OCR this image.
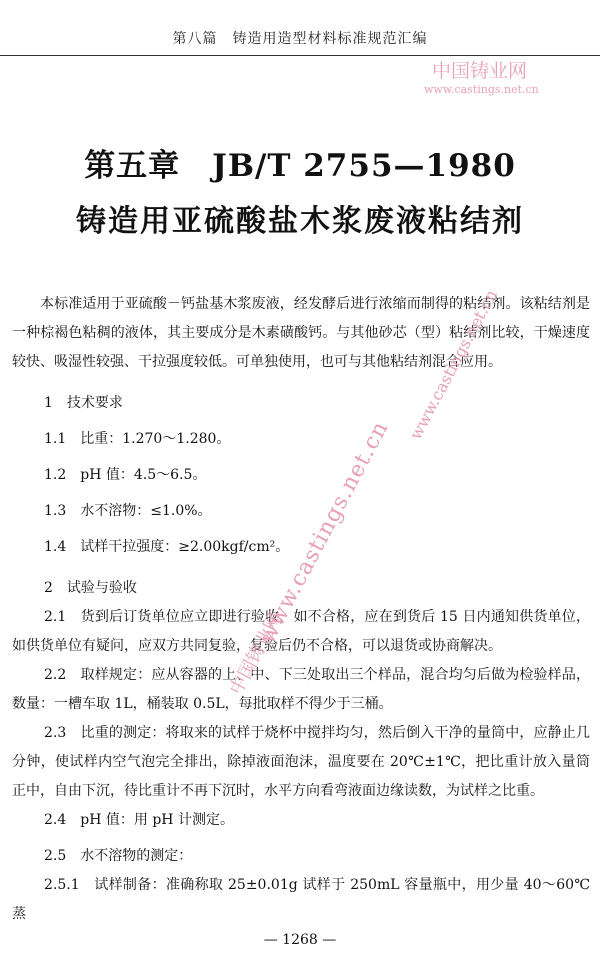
第八篇　铸造用造型材料标准规范汇编
中国铸业网
www.castings.net.cn
第五章　JB/T 2755—1980
铸造用亚硫酸盐木浆废液粘结剂

本标准适用于亚硫酸－钙盐基木浆废液，经发酵后进行浓缩而制得的粘结剂。该粘结剂是一种棕褐色粘稠的液体，其主要成分是木素磺酸钙。与其他砂芯（型）粘结剂比较，干燥速度较快、吸湿性较强、干拉强度较低。可单独使用，也可与其他粘结剂混合应用。

1　技术要求

1.1　比重：1.270～1.280。

1.2　pH 值：4.5～6.5。

1.3　水不溶物：≤1.0%。

1.4　试样干拉强度：≥2.00kgf/cm²。

2　试验与验收

2.1　货到后订货单位应立即进行验收，如不合格，应在到货后 15 日内通知供货单位，如供货单位有疑问，应双方共同复验，复验后仍不合格，可以退货或协商解决。

2.2　取样规定：应从容器的上、中、下三处取出三个样品，混合均匀后做为检验样品，数量：一槽车取 1L，桶装取 0.5L，每批取样不得少于三桶。

2.3　比重的测定：将取来的试样于烧杯中搅拌均匀，然后倒入干净的量筒中，应静止几分钟，使试样内空气泡完全排出，除掉液面泡沫，温度要在 20℃±1℃，把比重计放入量筒正中，自由下沉，待比重计不再下沉时，水平方向看弯液面边缘读数，为试样之比重。

2.4　pH 值：用 pH 计测定。

2.5　水不溶物的测定：

2.5.1　试样制备：准确称取 25±0.01g 试样于 250mL 容量瓶中，用少量 40～60℃蒸

www.castings.net.cn
www.castings.net.cn
中国铸业网
— 1268 —
